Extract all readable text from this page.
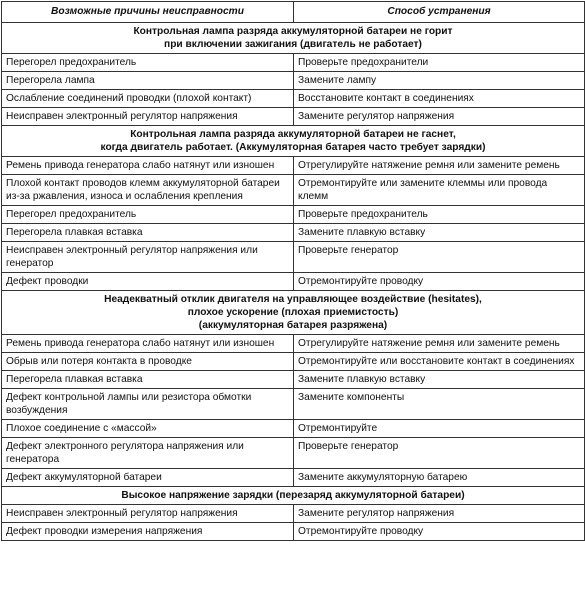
Возможные причины неисправности	Способ устранения
Контрольная лампа разряда аккумуляторной батареи не горит
при включении зажигания (двигатель не работает)	
Перегорел предохранитель	Проверьте предохранители
Перегорела лампа	Замените лампу
Ослабление соединений проводки (плохой контакт)	Восстановите контакт в соединениях
Неисправен электронный регулятор напряжения	Замените регулятор напряжения
Контрольная лампа разряда аккумуляторной батареи не гаснет,
когда двигатель работает. (Аккумуляторная батарея часто требует зарядки)	
Ремень привода генератора слабо натянут или изношен	Отрегулируйте натяжение ремня или замените ремень
Плохой контакт проводов клемм аккумуляторной батареи из-за ржавления, износа и ослабления крепления	Отремонтируйте или замените клеммы или провода клемм
Перегорел предохранитель	Проверьте предохранитель
Перегорела плавкая вставка	Замените плавкую вставку
Неисправен электронный регулятор напряжения или генератор	Проверьте генератор
Дефект проводки	Отремонтируйте проводку
Неадекватный отклик двигателя на управляющее воздействие (hesitates),
плохое ускорение (плохая приемистость)
(аккумуляторная батарея разряжена)	
Ремень привода генератора слабо натянут или изношен	Отрегулируйте натяжение ремня или замените ремень
Обрыв или потеря контакта в проводке	Отремонтируйте или восстановите контакт в соединениях
Перегорела плавкая вставка	Замените плавкую вставку
Дефект контрольной лампы или резистора обмотки возбуждения	Замените компоненты
Плохое соединение с «массой»	Отремонтируйте
Дефект электронного регулятора напряжения или генератора	Проверьте генератор
Дефект аккумуляторной батареи	Замените аккумуляторную батарею
Высокое напряжение зарядки (перезаряд аккумуляторной батареи)	
Неисправен электронный регулятор напряжения	Замените регулятор напряжения
Дефект проводки измерения напряжения	Отремонтируйте проводку
